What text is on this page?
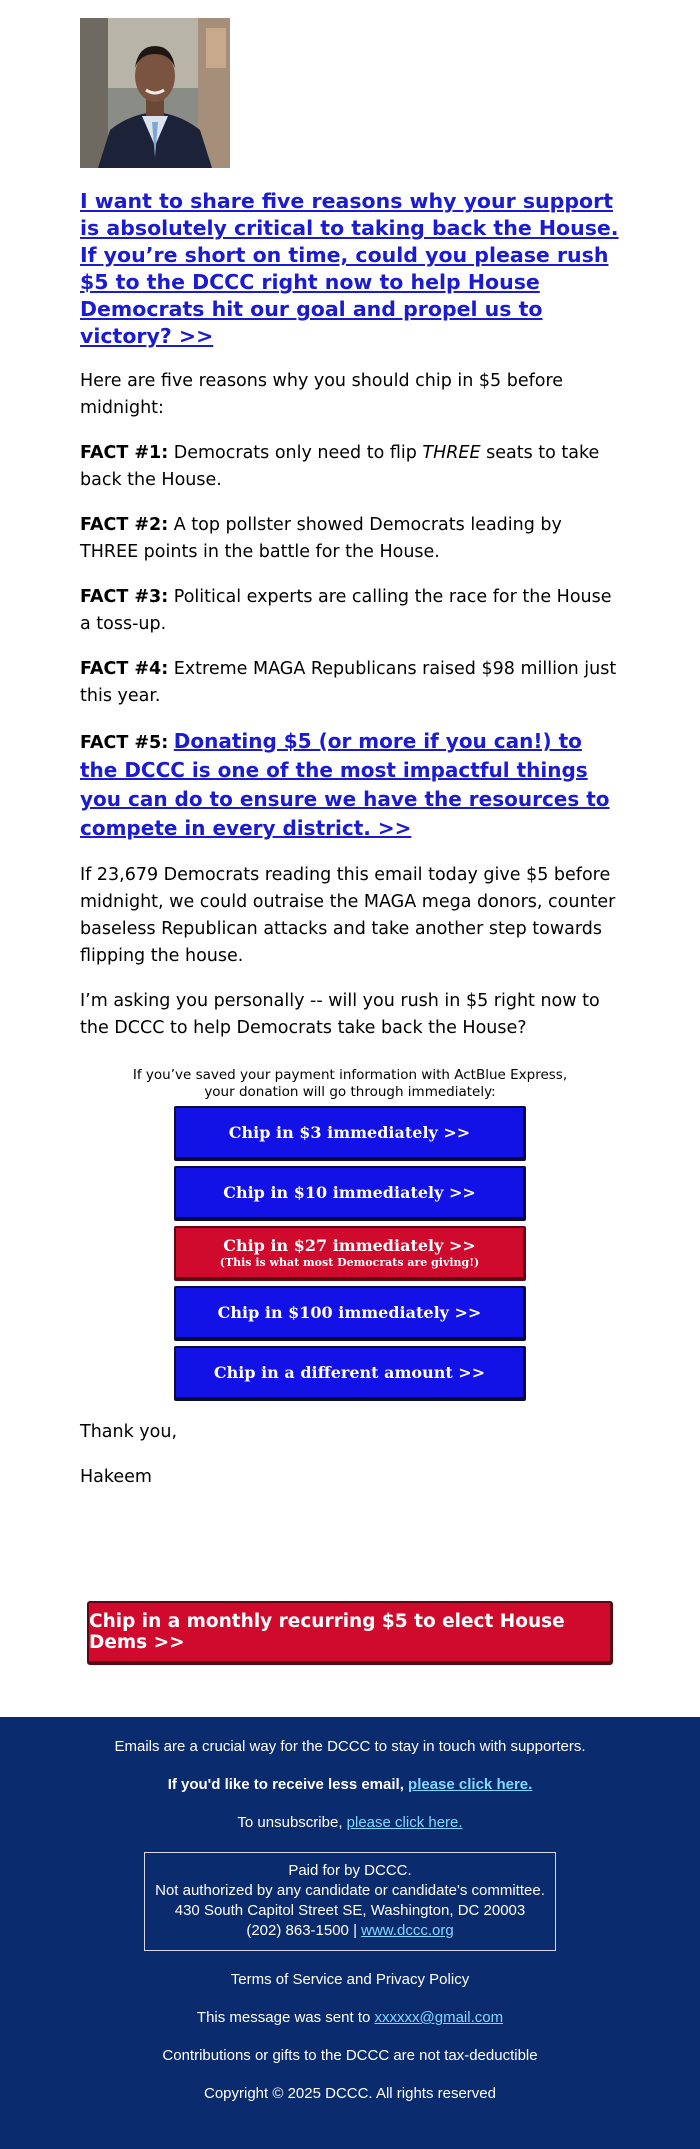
I want to share five reasons why your support is absolutely critical to taking back the House. If you’re short on time, could you please rush $5 to the DCCC right now to help House Democrats hit our goal and propel us to victory? >>

Here are five reasons why you should chip in $5 before midnight:

FACT #1: Democrats only need to flip THREE seats to take back the House.

FACT #2: A top pollster showed Democrats leading by THREE points in the battle for the House.

FACT #3: Political experts are calling the race for the House a toss-up.

FACT #4: Extreme MAGA Republicans raised $98 million just this year.

FACT #5: Donating $5 (or more if you can!) to the DCCC is one of the most impactful things you can do to ensure we have the resources to compete in every district. >>

If 23,679 Democrats reading this email today give $5 before midnight, we could outraise the MAGA mega donors, counter baseless Republican attacks and take another step towards flipping the house.

I’m asking you personally -- will you rush in $5 right now to the DCCC to help Democrats take back the House?

If you’ve saved your payment information with ActBlue Express,
your donation will go through immediately:
Chip in $3 immediately >>
Chip in $10 immediately >>
Chip in $27 immediately >>
(This is what most Democrats are giving!)
Chip in $100 immediately >>
Chip in a different amount >>

Thank you,

Hakeem

Chip in a monthly recurring $5 to elect House Dems >>
Emails are a crucial way for the DCCC to stay in touch with supporters.
If you'd like to receive less email, please click here.
To unsubscribe, please click here.
Paid for by DCCC.
Not authorized by any candidate or candidate's committee.
430 South Capitol Street SE, Washington, DC 20003
(202) 863-1500 | www.dccc.org
Terms of Service and Privacy Policy
This message was sent to xxxxxx@gmail.com
Contributions or gifts to the DCCC are not tax-deductible
Copyright © 2025 DCCC. All rights reserved
